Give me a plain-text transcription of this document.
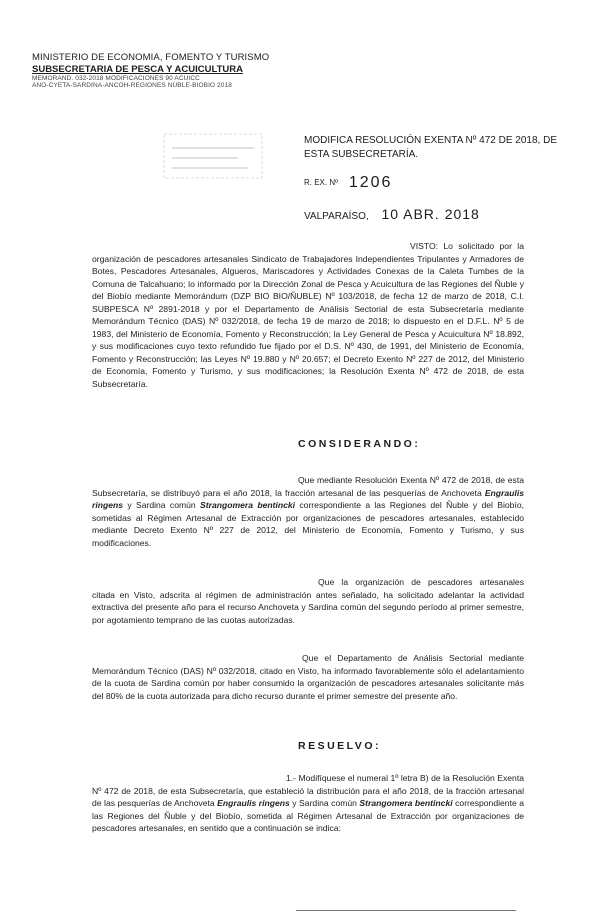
MINISTERIO DE ECONOMIA, FOMENTO Y TURISMO
SUBSECRETARIA DE PESCA Y ACUICULTURA
MEMORAND. 032-2018 MODIFICACIONES 90 ACUICC
ANO-CYETA-SARDINA-ANCOH-REGIONES NUBLE-BIOBIO 2018
MODIFICA RESOLUCIÓN EXENTA Nº 472 DE 2018, DE
ESTA SUBSECRETARÍA.
R. EX. Nº 1206
VALPARAÍSO, 10 ABR. 2018
VISTO: Lo solicitado por la organización de pescadores artesanales Sindicato de Trabajadores Independientes Tripulantes y Armadores de Botes, Pescadores Artesanales, Algueros, Mariscadores y Actividades Conexas de la Caleta Tumbes de la Comuna de Talcahuano; lo informado por la Dirección Zonal de Pesca y Acuicultura de las Regiones del Ñuble y del Biobío mediante Memorándum (DZP BIO BIO/ÑUBLE) Nº 103/2018, de fecha 12 de marzo de 2018, C.I. SUBPESCA Nº 2891-2018 y por el Departamento de Análisis Sectorial de esta Subsecretaría mediante Memorándum Técnico (DAS) Nº 032/2018, de fecha 19 de marzo de 2018; lo dispuesto en el D.F.L. Nº 5 de 1983, del Ministerio de Economía, Fomento y Reconstrucción; la Ley General de Pesca y Acuicultura Nº 18.892, y sus modificaciones cuyo texto refundido fue fijado por el D.S. Nº 430, de 1991, del Ministerio de Economía, Fomento y Reconstrucción; las Leyes Nº 19.880 y Nº 20.657; el Decreto Exento Nº 227 de 2012, del Ministerio de Economía, Fomento y Turismo, y sus modificaciones; la Resolución Exenta Nº 472 de 2018, de esta Subsecretaría.
CONSIDERANDO:
Que mediante Resolución Exenta Nº 472 de 2018, de esta Subsecretaría, se distribuyó para el año 2018, la fracción artesanal de las pesquerías de Anchoveta Engraulis ringens y Sardina común Strangomera bentincki correspondiente a las Regiones del Ñuble y del Biobío, sometidas al Régimen Artesanal de Extracción por organizaciones de pescadores artesanales, establecido mediante Decreto Exento Nº 227 de 2012, del Ministerio de Economía, Fomento y Turismo, y sus modificaciones.
Que la organización de pescadores artesanales citada en Visto, adscrita al régimen de administración antes señalado, ha solicitado adelantar la actividad extractiva del presente año para el recurso Anchoveta y Sardina común del segundo período al primer semestre, por agotamiento temprano de las cuotas autorizadas.
Que el Departamento de Análisis Sectorial mediante Memorándum Técnico (DAS) Nº 032/2018, citado en Visto, ha informado favorablemente sólo el adelantamiento de la cuota de Sardina común por haber consumido la organización de pescadores artesanales solicitante más del 80% de la cuota autorizada para dicho recurso durante el primer semestre del presente año.
RESUELVO:
1.- Modifíquese el numeral 1º letra B) de la Resolución Exenta Nº 472 de 2018, de esta Subsecretaría, que estableció la distribución para el año 2018, de la fracción artesanal de las pesquerías de Anchoveta Engraulis ringens y Sardina común Strangomera bentincki correspondiente a las Regiones del Ñuble y del Biobío, sometida al Régimen Artesanal de Extracción por organizaciones de pescadores artesanales, en sentido que a continuación se indica:
